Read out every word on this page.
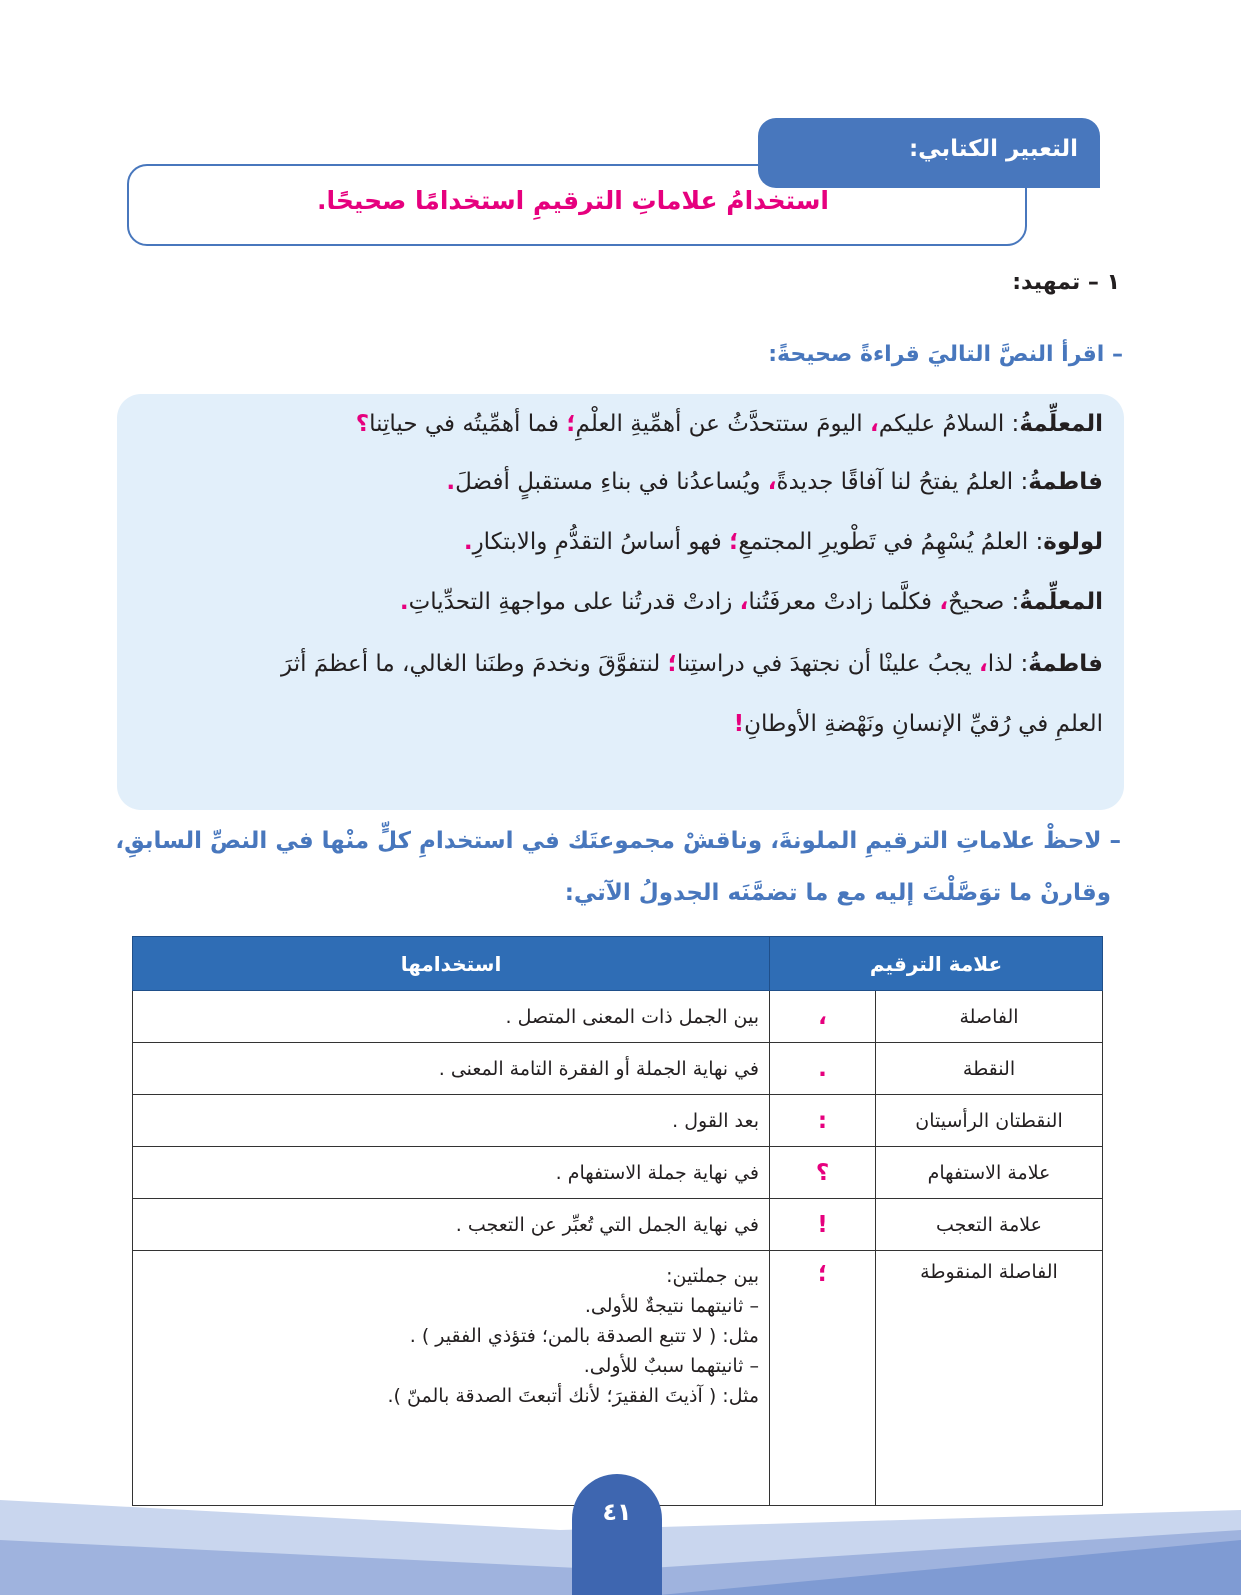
التعبير الكتابي:
استخدامُ علاماتِ الترقيمِ استخدامًا صحيحًا.
١ – تمهيد:
– اقرأ النصَّ التاليَ قراءةً صحيحةً:
المعلِّمةُ: السلامُ عليكم، اليومَ ستتحدَّثُ عن أهمِّيةِ العلْمِ؛ فما أهمِّيتُه في حياتِنا؟
فاطمةُ: العلمُ يفتحُ لنا آفاقًا جديدةً، ويُساعدُنا في بناءِ مستقبلٍ أفضلَ.
لولوة: العلمُ يُسْهِمُ في تَطْويرِ المجتمعِ؛ فهو أساسُ التقدُّمِ والابتكارِ.
المعلِّمةُ: صحيحٌ، فكلَّما زادتْ معرفَتُنا، زادتْ قدرتُنا على مواجهةِ التحدِّياتِ.
فاطمةُ: لذا، يجبُ علينْا أن نجتهدَ في دراستِنا؛ لنتفوَّقَ ونخدمَ وطنَنا الغالي، ما أعظمَ أثرَ
العلمِ في رُقيِّ الإنسانِ ونَهْضةِ الأوطانِ!
– لاحظْ علاماتِ الترقيمِ الملونةَ، وناقشْ مجموعتَك في استخدامِ كلٍّ منْها في النصِّ السابقِ،
وقارنْ ما توَصَّلْتَ إليه مع ما تضمَّنَه الجدولُ الآتي:
علامة الترقيم		استخدامها
الفاصلة	،	بين الجمل ذات المعنى المتصل .
النقطة	.	في نهاية الجملة أو الفقرة التامة المعنى .
النقطتان الرأسيتان	:	بعد القول .
علامة الاستفهام	؟	في نهاية جملة الاستفهام .
علامة التعجب	!	في نهاية الجمل التي تُعبِّر عن التعجب .
الفاصلة المنقوطة	؛	بين جملتين:
– ثانيتهما نتيجةٌ للأولى.
مثل: ( لا تتبع الصدقة بالمن؛ فتؤذي الفقير ) .
– ثانيتهما سببٌ للأولى.
مثل: ( آذيتَ الفقيرَ؛ لأنك أتبعتَ الصدقة بالمنّ ).
٤١
